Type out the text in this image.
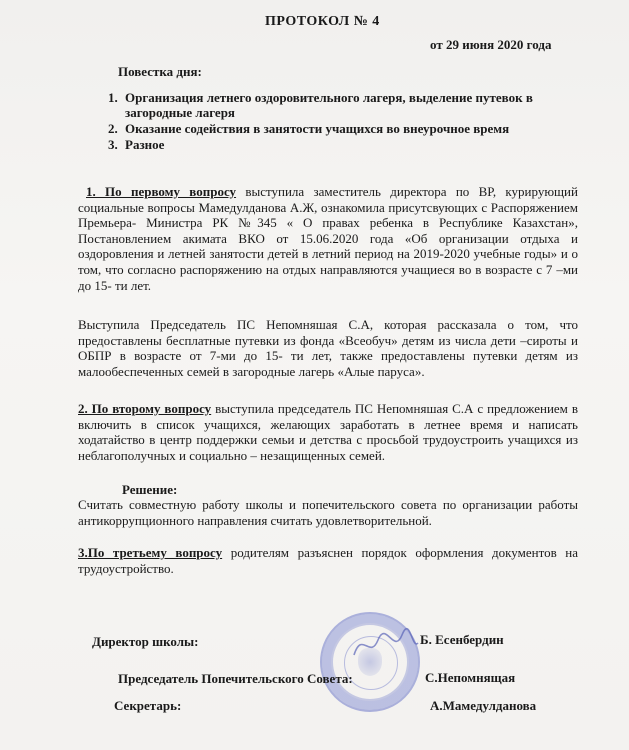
ПРОТОКОЛ № 4
от 29 июня 2020 года
Повестка дня:
1. Организация летнего оздоровительного лагеря, выделение путевок в загородные лагеря
2. Оказание содействия в занятости учащихся во внеурочное время
3. Разное
1. По первому вопросу выступила заместитель директора по ВР, курирующий социальные вопросы Мамедулданова А.Ж, ознакомила присутсвующих с Распоряжением Премьера- Министра РК №345 « О правах ребенка в Республике Казахстан», Постановлением акимата ВКО от 15.06.2020 года «Об организации отдыха и оздоровления и летней занятости детей в летний период на 2019-2020 учебные годы» и о том, что согласно распоряжению на отдых направляются учащиеся во в возрасте с 7 –ми до 15- ти лет.
Выступила Председатель ПС Непомняшая С.А, которая рассказала о том, что предоставлены бесплатные путевки из фонда «Всеобуч» детям из числа дети –сироты и ОБПР в возрасте от 7-ми до 15- ти лет, также предоставлены путевки детям из малообеспеченных семей в загородные лагерь «Алые паруса».
2. По второму вопросу выступила председатель ПС Непомняшая С.А с предложением в включить в список учащихся, желающих заработать в летнее время и написать ходатайство в центр поддержки семьи и детства с просьбой трудоустроить учащихся из неблагополучных и социально – незащищенных семей.
Решение:
Считать совместную работу школы и попечительского совета по организации работы антикоррупционного направления считать удовлетворительной.
3.По третьему вопросу родителям разъяснен порядок оформления документов на трудоустройство.
Директор школы:	Б. Есенбердин
Председатель Попечительского Совета:	С.Непомнящая
Секретарь:	А.Мамедулданова
